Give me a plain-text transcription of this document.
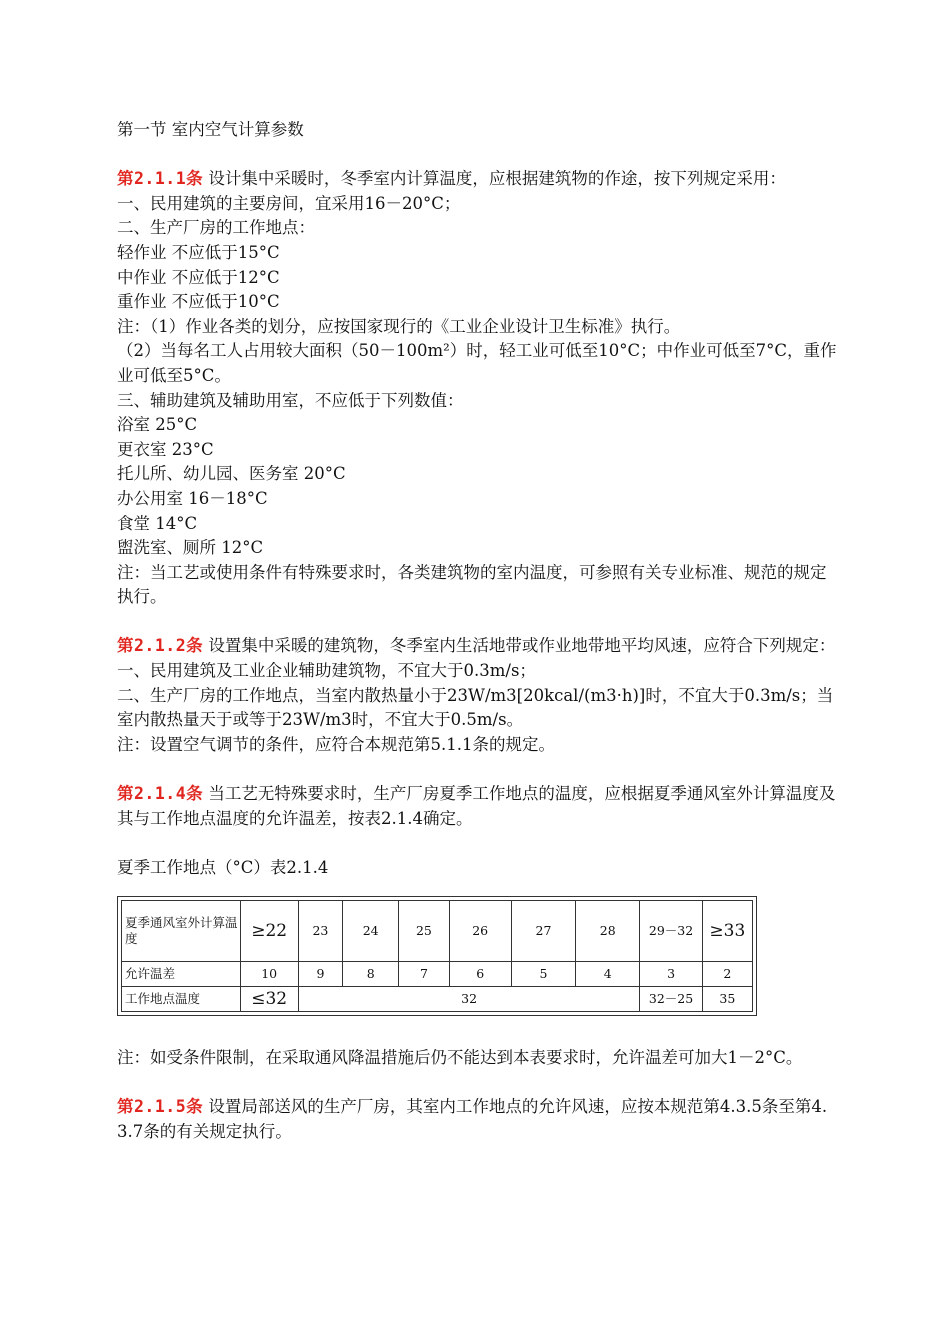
第一节 室内空气计算参数

第2.1.1条 设计集中采暖时，冬季室内计算温度，应根据建筑物的作途，按下列规定采用：

一、民用建筑的主要房间，宜采用16－20°C；

二、生产厂房的工作地点：

轻作业 不应低于15°C

中作业 不应低于12°C

重作业 不应低于10°C

注：（1）作业各类的划分，应按国家现行的《工业企业设计卫生标准》执行。

（2）当每名工人占用较大面积（50－100m²）时，轻工业可低至10°C；中作业可低至7°C，重作业可低至5°C。

三、辅助建筑及辅助用室，不应低于下列数值：

浴室 25°C

更衣室 23°C

托儿所、幼儿园、医务室 20°C

办公用室 16－18°C

食堂 14°C

盥洗室、厕所 12°C

注：当工艺或使用条件有特殊要求时，各类建筑物的室内温度，可参照有关专业标准、规范的规定执行。

第2.1.2条 设置集中采暖的建筑物，冬季室内生活地带或作业地带地平均风速，应符合下列规定：

一、民用建筑及工业企业辅助建筑物，不宜大于0.3m/s；

二、生产厂房的工作地点，当室内散热量小于23W/m3[20kcal/(m3·h)]时，不宜大于0.3m/s；当室内散热量天于或等于23W/m3时，不宜大于0.5m/s。

注：设置空气调节的条件，应符合本规范第5.1.1条的规定。

第2.1.4条 当工艺无特殊要求时，生产厂房夏季工作地点的温度，应根据夏季通风室外计算温度及其与工作地点温度的允许温差，按表2.1.4确定。

夏季工作地点（°C）表2.1.4

夏季通风室外计算温度	≥22	23	24	25	26	27	28	29－32	≥33
允许温差	10	9	8	7	6	5	4	3	2
工作地点温度	≤32	32						32－25	35

注：如受条件限制，在采取通风降温措施后仍不能达到本表要求时，允许温差可加大1－2°C。

第2.1.5条 设置局部送风的生产厂房，其室内工作地点的允许风速，应按本规范第4.3.5条至第4.3.7条的有关规定执行。
